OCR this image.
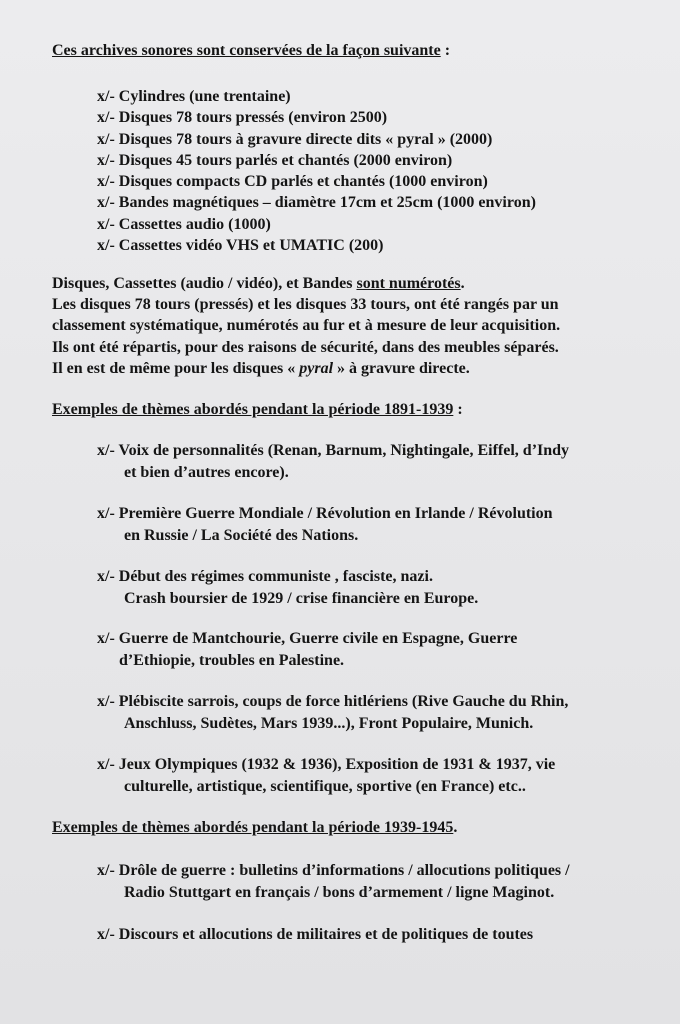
Ces archives sonores sont conservées de la façon suivante :
x/- Cylindres (une trentaine)
x/- Disques 78 tours pressés (environ 2500)
x/- Disques 78 tours à gravure directe dits « pyral » (2000)
x/- Disques 45 tours parlés et chantés (2000 environ)
x/- Disques compacts CD parlés et chantés (1000 environ)
x/- Bandes magnétiques – diamètre 17cm et 25cm (1000 environ)
x/- Cassettes audio (1000)
x/- Cassettes vidéo VHS et UMATIC (200)
Disques, Cassettes (audio / vidéo), et Bandes sont numérotés.
Les disques 78 tours (pressés) et les disques 33 tours, ont été rangés par un
classement systématique, numérotés au fur et à mesure de leur acquisition.
Ils ont été répartis, pour des raisons de sécurité, dans des meubles séparés.
Il en est de même pour les disques « pyral » à gravure directe.
Exemples de thèmes abordés pendant la période 1891-1939 :
x/- Voix de personnalités (Renan, Barnum, Nightingale, Eiffel, d’Indy
et bien d’autres encore).
x/- Première Guerre Mondiale / Révolution en Irlande / Révolution
en Russie / La Société des Nations.
x/- Début des régimes communiste , fasciste, nazi.
Crash boursier de 1929 / crise financière en Europe.
x/- Guerre de Mantchourie, Guerre civile en Espagne, Guerre
d’Ethiopie, troubles en Palestine.
x/- Plébiscite sarrois, coups de force hitlériens (Rive Gauche du Rhin,
Anschluss, Sudètes, Mars 1939...), Front Populaire, Munich.
x/- Jeux Olympiques (1932 & 1936), Exposition de 1931 & 1937, vie
culturelle, artistique, scientifique, sportive (en France) etc..
Exemples de thèmes abordés pendant la période 1939-1945.
x/- Drôle de guerre : bulletins d’informations / allocutions politiques /
Radio Stuttgart en français / bons d’armement / ligne Maginot.
x/- Discours et allocutions de militaires et de politiques de toutes
